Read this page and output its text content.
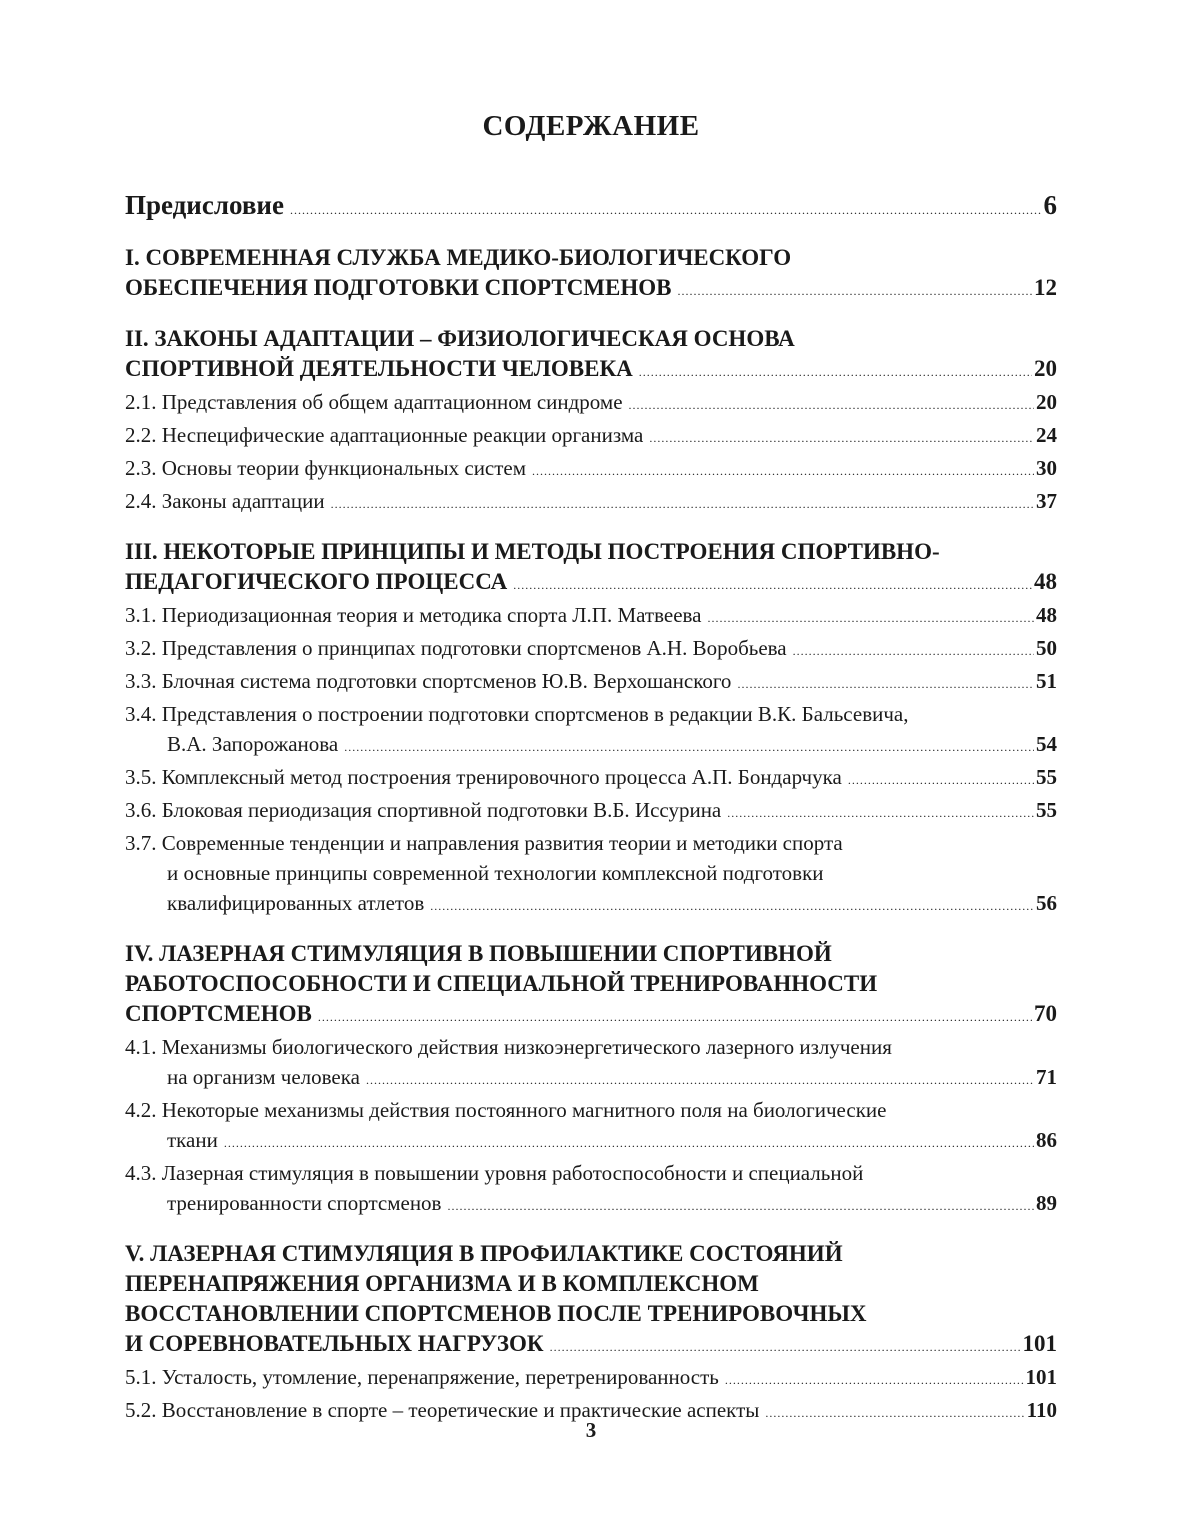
СОДЕРЖАНИЕ
Предисловие .....	6
I. СОВРЕМЕННАЯ СЛУЖБА МЕДИКО-БИОЛОГИЧЕСКОГО
ОБЕСПЕЧЕНИЯ ПОДГОТОВКИ СПОРТСМЕНОВ .....	12
II. ЗАКОНЫ АДАПТАЦИИ – ФИЗИОЛОГИЧЕСКАЯ ОСНОВА
СПОРТИВНОЙ ДЕЯТЕЛЬНОСТИ ЧЕЛОВЕКА .....	20
2.1. Представления об общем адаптационном синдроме .....	20
2.2. Неспецифические адаптационные реакции организма .....	24
2.3. Основы теории функциональных систем .....	30
2.4. Законы адаптации .....	37
III. НЕКОТОРЫЕ ПРИНЦИПЫ И МЕТОДЫ ПОСТРОЕНИЯ СПОРТИВНО-
ПЕДАГОГИЧЕСКОГО ПРОЦЕССА .....	48
3.1. Периодизационная теория и методика спорта Л.П. Матвеева .....	48
3.2. Представления о принципах подготовки спортсменов А.Н. Воробьева .....	50
3.3. Блочная система подготовки спортсменов Ю.В. Верхошанского .....	51
3.4. Представления о построении подготовки спортсменов в редакции В.К. Бальсевича,
В.А. Запорожанова .....	54
3.5. Комплексный метод построения тренировочного процесса А.П. Бондарчука .....	55
3.6. Блоковая периодизация спортивной подготовки В.Б. Иссурина .....	55
3.7. Современные тенденции и направления развития теории и методики спорта
и основные принципы современной технологии комплексной подготовки
квалифицированных атлетов .....	56
IV. ЛАЗЕРНАЯ СТИМУЛЯЦИЯ В ПОВЫШЕНИИ СПОРТИВНОЙ
РАБОТОСПОСОБНОСТИ И СПЕЦИАЛЬНОЙ ТРЕНИРОВАННОСТИ
СПОРТСМЕНОВ .....	70
4.1. Механизмы биологического действия низкоэнергетического лазерного излучения
на организм человека .....	71
4.2. Некоторые механизмы действия постоянного магнитного поля на биологические
ткани .....	86
4.3. Лазерная стимуляция в повышении уровня работоспособности и специальной
тренированности спортсменов .....	89
V. ЛАЗЕРНАЯ СТИМУЛЯЦИЯ В ПРОФИЛАКТИКЕ СОСТОЯНИЙ
ПЕРЕНАПРЯЖЕНИЯ ОРГАНИЗМА И В КОМПЛЕКСНОМ
ВОССТАНОВЛЕНИИ СПОРТСМЕНОВ ПОСЛЕ ТРЕНИРОВОЧНЫХ
И СОРЕВНОВАТЕЛЬНЫХ НАГРУЗОК .....	101
5.1. Усталость, утомление, перенапряжение, перетренированность .....	101
5.2. Восстановление в спорте – теоретические и практические аспекты .....	110
3
